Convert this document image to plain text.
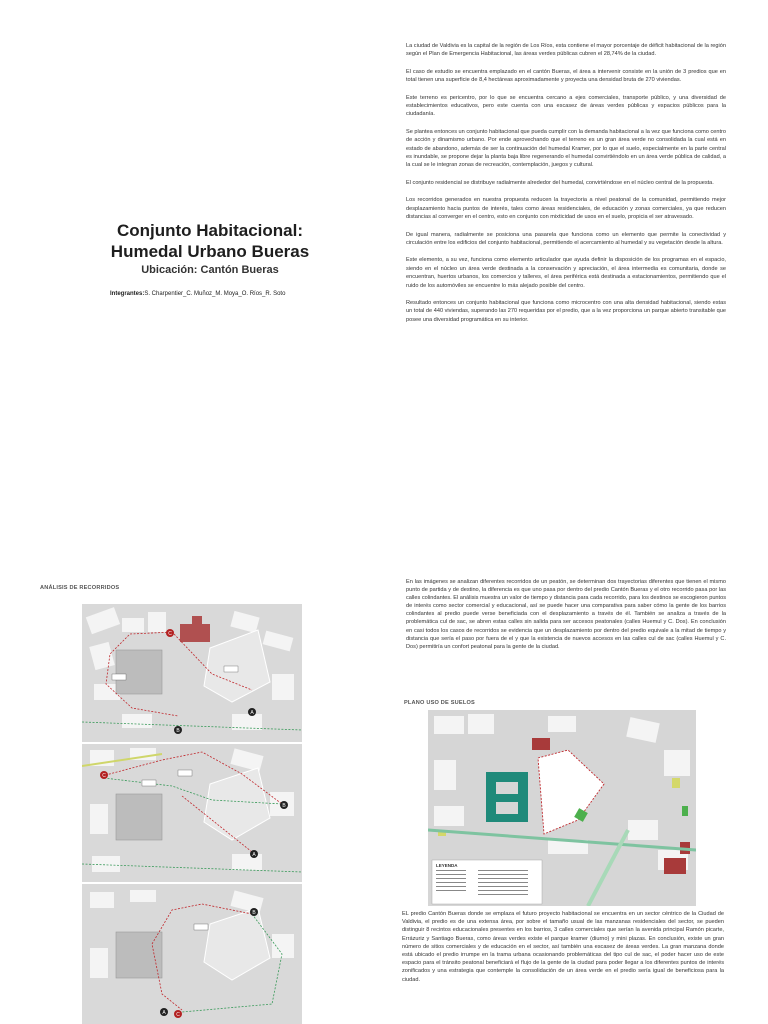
Conjunto Habitacional:
Humedal Urbano Bueras
Ubicación: Cantón Bueras
Integrantes:S. Charpentier_C. Muñoz_M. Moya_O. Ríos_R. Soto

La ciudad de Valdivia es la capital de la región de Los Ríos, esta contiene el mayor porcentaje de déficit habitacional de la región según el Plan de Emergencia Habitacional, las áreas verdes públicas cubren el 28,74% de la ciudad.

El caso de estudio se encuentra emplazado en el cantón Bueras, el área a intervenir consiste en la unión de 3 predios que en total tienen una superficie de 8,4 hectáreas aproximadamente y proyecta una densidad bruta de 270 viviendas.

Este terreno es pericentro, por lo que se encuentra cercano a ejes comerciales, transporte público, y una diversidad de establecimientos educativos, pero este cuenta con una escasez de áreas verdes públicas y espacios públicos para la ciudadanía.

Se plantea entonces un conjunto habitacional que pueda cumplir con la demanda habitacional a la vez que funciona como centro de acción y dinamismo urbano. Por ende aprovechando que el terreno es un gran área verde no consolidada la cual está en estado de abandono, además de ser la continuación del humedal Kramer, por lo que el suelo, especialmente en la parte central es inundable, se propone dejar la planta baja libre regenerando el humedal convirtiéndolo en un área verde pública de calidad, a la cual se le integran zonas de recreación, contemplación, juegos y cultural.

El conjunto residencial se distribuye radialmente alrededor del humedal, convirtiéndose en el núcleo central de la propuesta.

Los recorridos generados en nuestra propuesta reducen la trayectoria a nivel peatonal de la comunidad, permitiendo mejor desplazamiento hacia puntos de interés, tales como áreas residenciales, de educación y zonas comerciales, ya que reducen distancias al converger en el centro, esto en conjunto con mixticidad de usos en el suelo, propicia el ser atravesado.

De igual manera, radialmente se posiciona una pasarela que funciona como un elemento que permite la conectividad y circulación entre los edificios del conjunto habitacional, permitiendo el acercamiento al humedal y su vegetación desde la altura.

Este elemento, a su vez, funciona como elemento articulador que ayuda definir la disposición de los programas en el espacio, siendo en el núcleo un área verde destinada a la conservación y apreciación, el área intermedia es comunitaria, donde se encuentran, huertos urbanos, los comercios y talleres, el área periférica está destinada a estacionamientos, permitiendo que el ruido de los automóviles se encuentre lo más alejado posible del centro.

Resultado entonces un conjunto habitacional que funciona como microcentro con una alta densidad habitacional, siendo estas un total de 440 viviendas, superando las 270 requeridas por el predio, que a la vez proporciona un parque abierto transitable que posee una diversidad programática en su interior.

ANÁLISIS DE RECORRIDOS
C
A
B
C
B
A
B
A C
En las imágenes se analizan diferentes recorridos de un peatón, se determinan dos trayectorias diferentes que tienen el mismo punto de partida y de destino, la diferencia es que uno pasa por dentro del predio Cantón Bueras y el otro recorrido pasa por las calles colindantes. El análisis muestra un valor de tiempo y distancia para cada recorrido, para los destinos se escogieron puntos de interés como sector comercial y educacional, así se puede hacer una comparativa para saber cómo la gente de los barrios colindantes al predio puede verse beneficiada con el desplazamiento a través de él. También se analiza a través de la problemática cul de sac, se abren estas calles sin salida para ser accesos peatonales (calles Huemul y C. Dos). En conclusión en casi todos los casos de recorridos se evidencia que un desplazamiento por dentro del predio equivale a la mitad de tiempo y distancia que sería el paso por fuera de el y que la existencia de nuevos accesos en las calles cul de sac (calles Huemul y C. Dos) permitiría un confort peatonal para la gente de la ciudad.
PLANO USO DE SUELOS
LEYENDA
EL predio Cantón Bueras donde se emplaza el futuro proyecto habitacional se encuentra en un sector céntrico de la Ciudad de Valdivia, el predio es de una extensa área, por sobre el tamaño usual de las manzanas residenciales del sector, se pueden distinguir 8 recintos educacionales presentes en los barrios, 3 calles comerciales que serían la avenida principal Ramón picarte, Errázuriz y Santiago Bueras, como áreas verdes existe el parque kramer (diurno) y mini plazas. En conclusión, existe un gran número de sitios comerciales y de educación en el sector, así también una escasez de áreas verdes. La gran manzana donde está ubicado el predio irrumpe en la trama urbana ocasionando problemáticas del tipo cul de sac, el poder hacer uso de este espacio para el tránsito peatonal beneficiará el flujo de la gente de la ciudad para poder llegar a los diferentes puntos de interés zonificados y una estrategia que contemple la consolidación de un área verde en el predio sería igual de beneficiosa para la ciudad.
